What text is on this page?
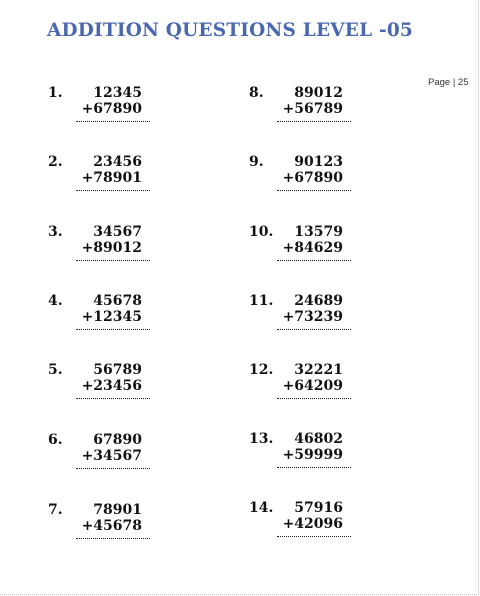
ADDITION QUESTIONS LEVEL -05
Page | 25
1. 12345
+67890
2. 23456
+78901
3. 34567
+89012
4. 45678
+12345
5. 56789
+23456
6. 67890
+34567
7. 78901
+45678
8. 89012
+56789
9. 90123
+67890
10. 13579
+84629
11. 24689
+73239
12. 32221
+64209
13. 46802
+59999
14. 57916
+42096
